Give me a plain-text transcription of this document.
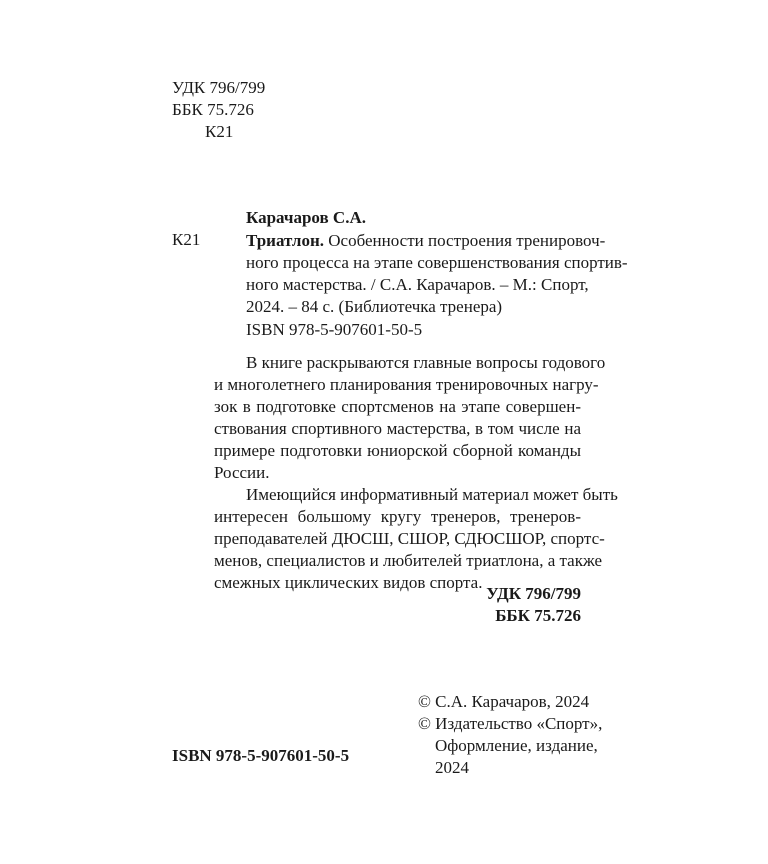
УДК 796/799
ББК 75.726
К21
Карачаров С.А.
К21	Триатлон. Особенности построения тренировоч-
ного процесса на этапе совершенствования спортив-
ного мастерства. / С.А. Карачаров. – М.: Спорт,
2024. – 84 с. (Библиотечка тренера)
ISBN 978-5-907601-50-5
В книге раскрываются главные вопросы годового
и многолетнего планирования тренировочных нагру-
зок в подготовке спортсменов на этапе совершен-
ствования спортивного мастерства, в том числе на
примере подготовки юниорской сборной команды
России.
Имеющийся информативный материал может быть
интересен большому кругу тренеров, тренеров-
преподавателей ДЮСШ, СШОР, СДЮСШОР, спортс-
менов, специалистов и любителей триатлона, а также
смежных циклических видов спорта.
УДК 796/799
ББК 75.726
ISBN 978-5-907601-50-5
© С.А. Карачаров, 2024
© Издательство «Спорт»,
Оформление, издание,
2024
